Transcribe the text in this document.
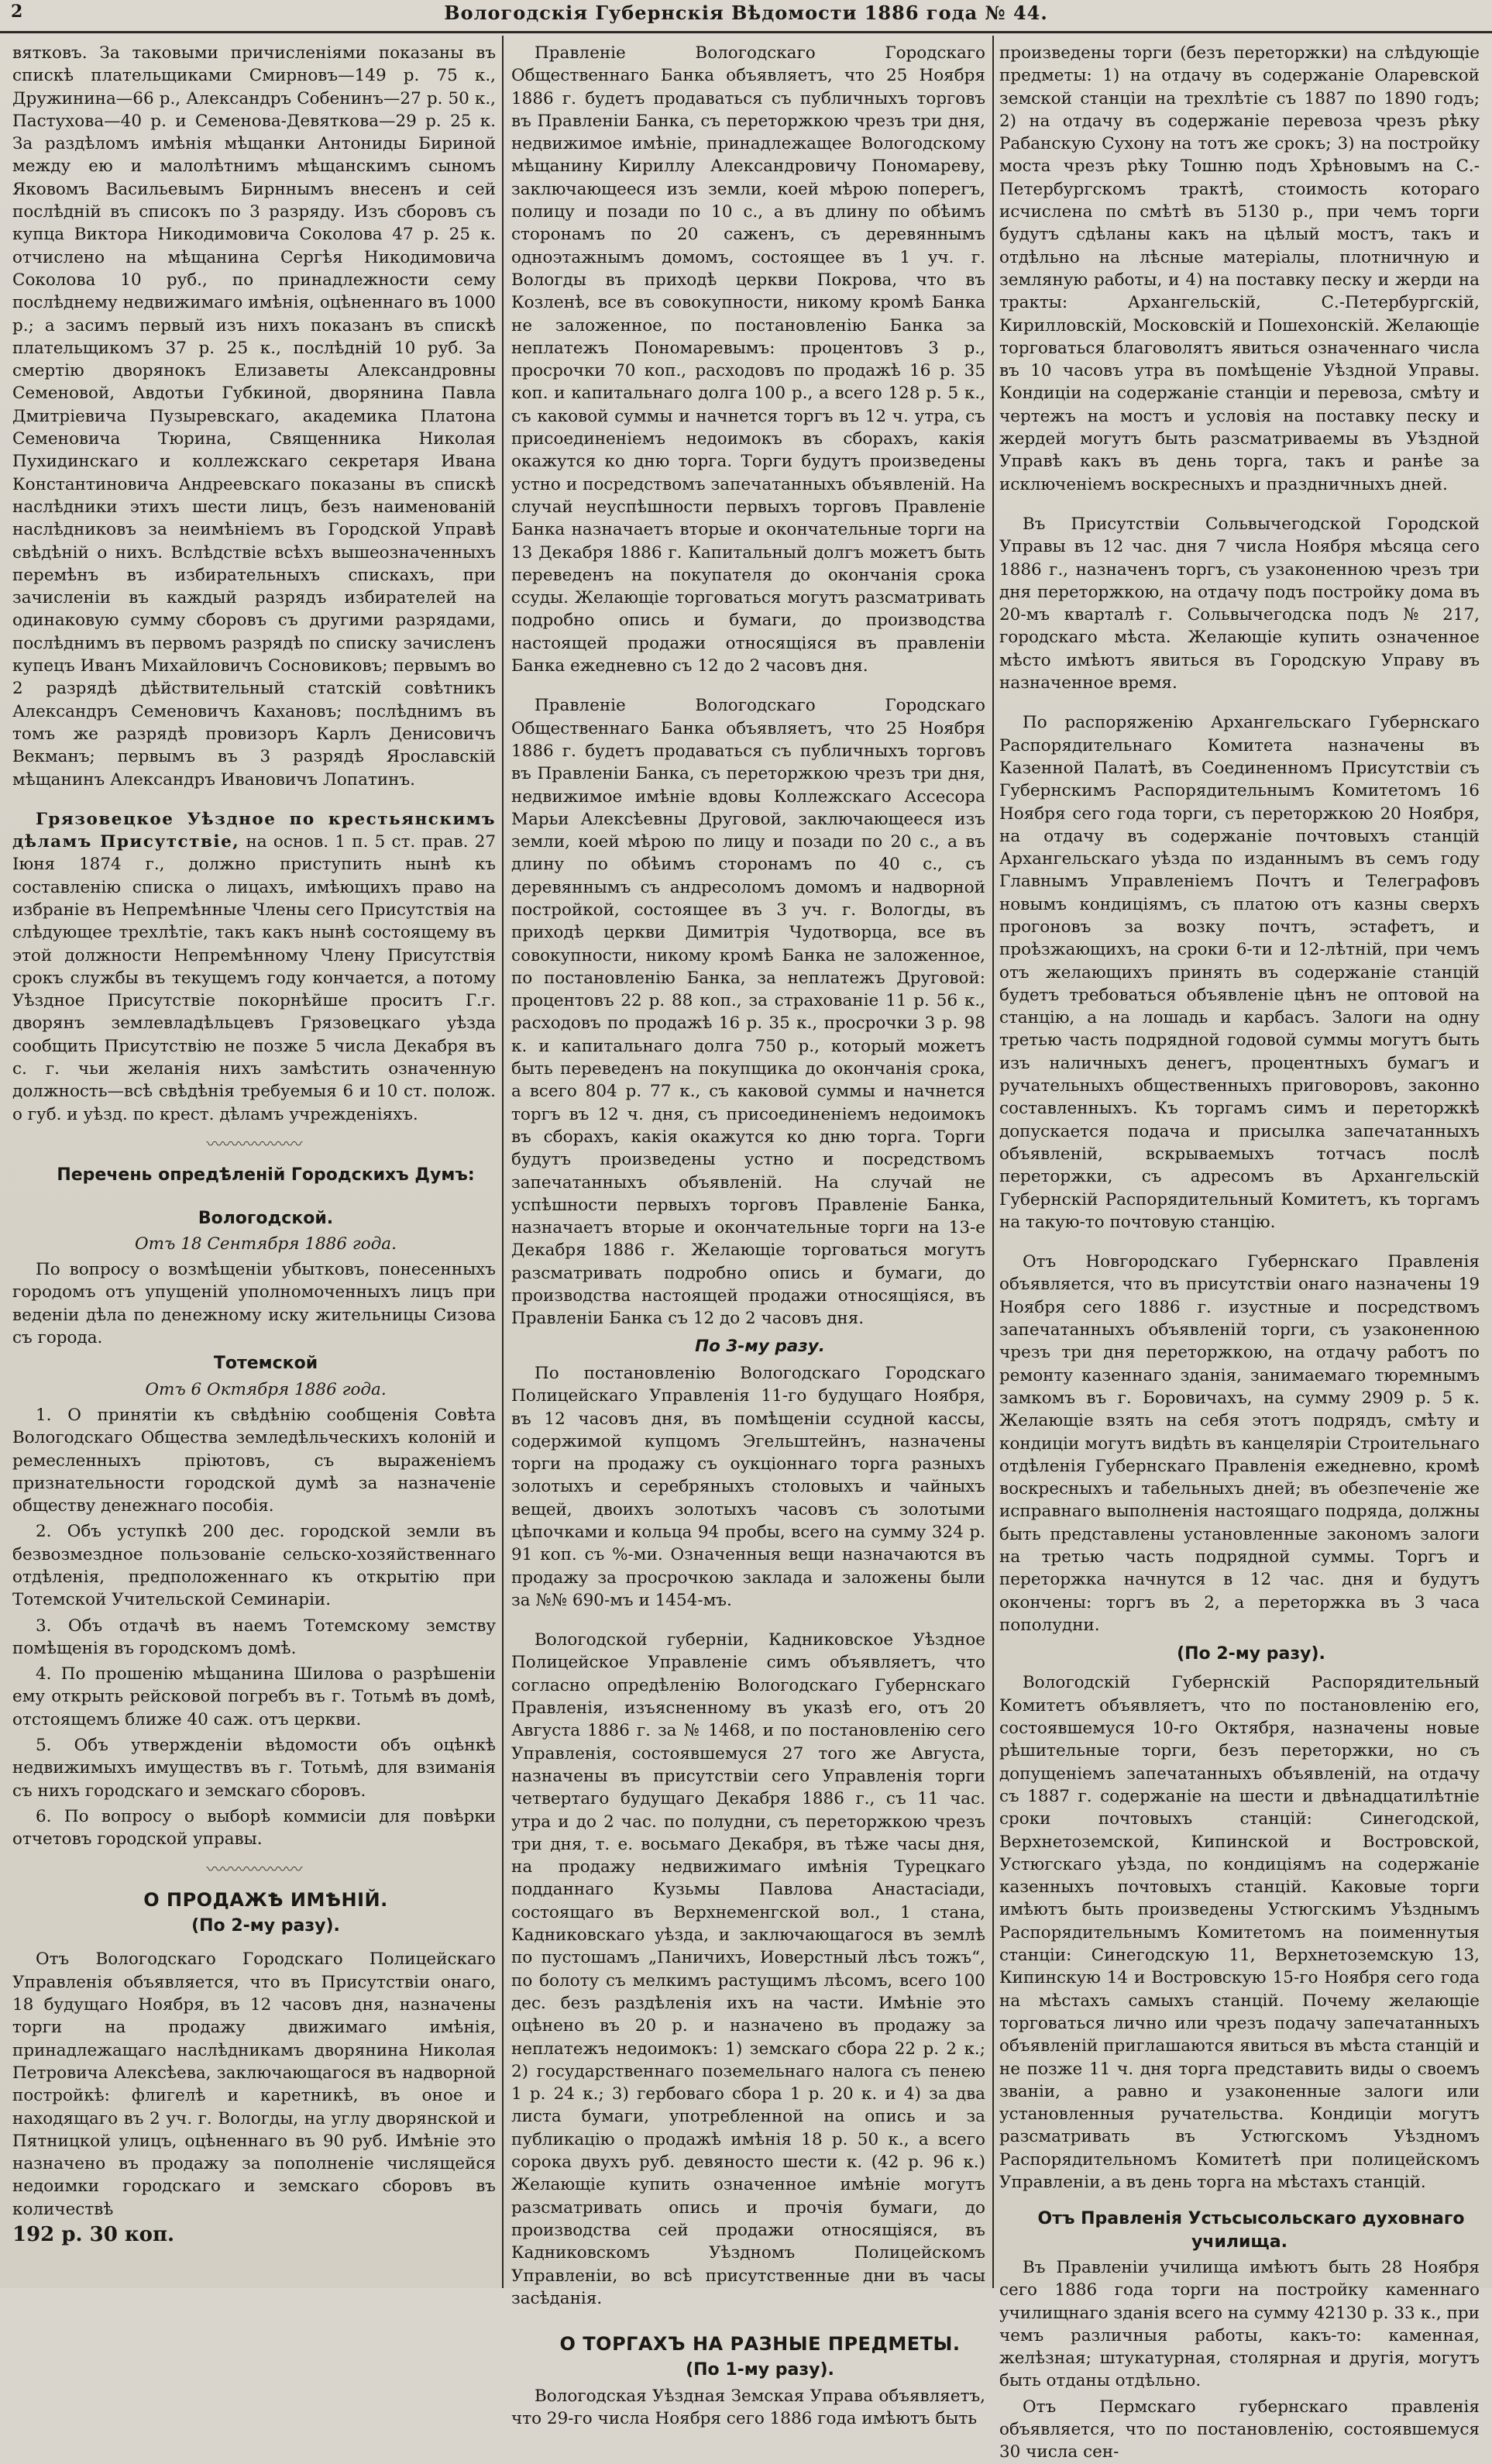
2	Вологодскія Губернскія Вѣдомости 1886 года № 44.

вятковъ. За таковыми причисленіями показаны въ спискѣ плательщиками Смирновъ—149 р. 75 к., Дружинина—66 р., Александръ Собенинъ—27 р. 50 к., Пастухова—40 р. и Семенова-Девяткова—29 р. 25 к. За раздѣломъ имѣнія мѣщанки Антониды Бириной между ею и малолѣтнимъ мѣщанскимъ сыномъ Яковомъ Васильевымъ Бирннымъ внесенъ и сей послѣдній въ списокъ по 3 разряду. Изъ сборовъ съ купца Виктора Никодимовича Соколова 47 р. 25 к. отчислено на мѣщанина Сергѣя Никодимовича Соколова 10 руб., по принадлежности сему послѣднему недвижимаго имѣнія, оцѣненнаго въ 1000 р.; а засимъ первый изъ нихъ показанъ въ спискѣ плательщикомъ 37 р. 25 к., послѣдній 10 руб. За смертію дворянокъ Елизаветы Александровны Семеновой, Авдотьи Губкиной, дворянина Павла Дмитріевича Пузыревскаго, академика Платона Семеновича Тюрина, Священника Николая Пухидинскаго и коллежскаго секретаря Ивана Константиновича Андреевскаго показаны въ спискѣ наслѣдники этихъ шести лицъ, безъ наименованій наслѣдниковъ за неимѣніемъ въ Городской Управѣ свѣдѣній о нихъ. Вслѣдствіе всѣхъ вышеозначенныхъ перемѣнъ въ избирательныхъ спискахъ, при зачисленіи въ каждый разрядъ избирателей на одинаковую сумму сборовъ съ другими разрядами, послѣднимъ въ первомъ разрядѣ по списку зачисленъ купецъ Иванъ Михайловичъ Сосновиковъ; первымъ во 2 разрядѣ дѣйствительный статскій совѣтникъ Александръ Семеновичъ Кахановъ; послѣднимъ въ томъ же разрядѣ провизоръ Карлъ Денисовичъ Векманъ; первымъ въ 3 разрядѣ Ярославскій мѣщанинъ Александръ Ивановичъ Лопатинъ.

Грязовецкое Уѣздное по крестьянскимъ дѣламъ Присутствіе, на основ. 1 п. 5 ст. прав. 27 Іюня 1874 г., должно приступить нынѣ къ составленію списка о лицахъ, имѣющихъ право на избраніе въ Непремѣнные Члены сего Присутствія на слѣдующее трехлѣтіе, такъ какъ нынѣ состоящему въ этой должности Непремѣнному Члену Присутствія срокъ службы въ текущемъ году кончается, а потому Уѣздное Присутствіе покорнѣйше проситъ Г.г. дворянъ землевладѣльцевъ Грязовецкаго уѣзда сообщить Присутствію не позже 5 числа Декабря въ с. г. чьи желанія нихъ замѣстить означенную должность—всѣ свѣдѣнія требуемыя 6 и 10 ст. полож. о губ. и уѣзд. по крест. дѣламъ учрежденіяхъ.

〰〰〰〰〰〰

Перечень опредѣленій Городскихъ Думъ:

Вологодской.

Отъ 18 Сентября 1886 года.

По вопросу о возмѣщеніи убытковъ, понесенныхъ городомъ отъ упущеній уполномоченныхъ лицъ при веденіи дѣла по денежному иску жительницы Сизова съ города.

Тотемской

Отъ 6 Октября 1886 года.

1. О принятіи къ свѣдѣнію сообщенія Совѣта Вологодскаго Общества земледѣльческихъ колоній и ремесленныхъ пріютовъ, съ выраженіемъ признательности городской думѣ за назначеніе обществу денежнаго пособія.

2. Объ уступкѣ 200 дес. городской земли въ безвозмездное пользованіе сельско-хозяйственнаго отдѣленія, предположеннаго къ открытію при Тотемской Учительской Семинаріи.

3. Объ отдачѣ въ наемъ Тотемскому земству помѣщенія въ городскомъ домѣ.

4. По прошенію мѣщанина Шилова о разрѣшеніи ему открыть рейсковой погребъ въ г. Тотьмѣ въ домѣ, отстоящемъ ближе 40 саж. отъ церкви.

5. Объ утвержденіи вѣдомости объ оцѣнкѣ недвижимыхъ имуществъ въ г. Тотьмѣ, для взиманія съ нихъ городскаго и земскаго сборовъ.

6. По вопросу о выборѣ коммисіи для повѣрки отчетовъ городской управы.

〰〰〰〰〰〰

О ПРОДАЖѢ ИМѢНІЙ.

(По 2-му разу).

Отъ Вологодскаго Городскаго Полицейскаго Управленія объявляется, что въ Присутствіи онаго, 18 будущаго Ноября, въ 12 часовъ дня, назначены торги на продажу движимаго имѣнія, принадлежащаго наслѣдникамъ дворянина Николая Петровича Алексѣева, заключающагося въ надворной постройкѣ: флигелѣ и каретникѣ, въ оное и находящаго въ 2 уч. г. Вологды, на углу дворянской и Пятницкой улицъ, оцѣненнаго въ 90 руб. Имѣніе это назначено въ продажу за пополненіе числящейся недоимки городскаго и земскаго сборовъ въ количествѣ

192 р. 30 коп.

Правленіе Вологодскаго Городскаго Общественнаго Банка объявляетъ, что 25 Ноября 1886 г. будетъ продаваться съ публичныхъ торговъ въ Правленіи Банка, съ переторжкою чрезъ три дня, недвижимое имѣніе, принадлежащее Вологодскому мѣщанину Кириллу Александровичу Пономареву, заключающееся изъ земли, коей мѣрою поперегъ, полицу и позади по 10 с., а въ длину по обѣимъ сторонамъ по 20 саженъ, съ деревяннымъ одноэтажнымъ домомъ, состоящее въ 1 уч. г. Вологды въ приходѣ церкви Покрова, что въ Козленѣ, все въ совокупности, никому кромѣ Банка не заложенное, по постановленію Банка за неплатежъ Пономаревымъ: процентовъ 3 р., просрочки 70 коп., расходовъ по продажѣ 16 р. 35 коп. и капитальнаго долга 100 р., а всего 128 р. 5 к., съ каковой суммы и начнется торгъ въ 12 ч. утра, съ присоединеніемъ недоимокъ въ сборахъ, какія окажутся ко дню торга. Торги будутъ произведены устно и посредствомъ запечатанныхъ объявленій. На случай неуспѣшности первыхъ торговъ Правленіе Банка назначаетъ вторые и окончательные торги на 13 Декабря 1886 г. Капитальный долгъ можетъ быть переведенъ на покупателя до окончанія срока ссуды. Желающіе торговаться могутъ разсматривать подробно опись и бумаги, до производства настоящей продажи относящіяся въ правленіи Банка ежедневно съ 12 до 2 часовъ дня.

Правленіе Вологодскаго Городскаго Общественнаго Банка объявляетъ, что 25 Ноября 1886 г. будетъ продаваться съ публичныхъ торговъ въ Правленіи Банка, съ переторжкою чрезъ три дня, недвижимое имѣніе вдовы Коллежскаго Ассесора Марьи Алексѣевны Друговой, заключающееся изъ земли, коей мѣрою по лицу и позади по 20 с., а въ длину по обѣимъ сторонамъ по 40 с., съ деревяннымъ съ андресоломъ домомъ и надворной постройкой, состоящее въ 3 уч. г. Вологды, въ приходѣ церкви Димитрія Чудотворца, все въ совокупности, никому кромѣ Банка не заложенное, по постановленію Банка, за неплатежъ Друговой: процентовъ 22 р. 88 коп., за страхованіе 11 р. 56 к., расходовъ по продажѣ 16 р. 35 к., просрочки 3 р. 98 к. и капитальнаго долга 750 р., который можетъ быть переведенъ на покупщика до окончанія срока, а всего 804 р. 77 к., съ каковой суммы и начнется торгъ въ 12 ч. дня, съ присоединеніемъ недоимокъ въ сборахъ, какія окажутся ко дню торга. Торги будутъ произведены устно и посредствомъ запечатанныхъ объявленій. На случай не успѣшности первыхъ торговъ Правленіе Банка, назначаетъ вторые и окончательные торги на 13-е Декабря 1886 г. Желающіе торговаться могутъ разсматривать подробно опись и бумаги, до производства настоящей продажи относящіяся, въ Правленіи Банка съ 12 до 2 часовъ дня.

По 3-му разу.

По постановленію Вологодскаго Городскаго Полицейскаго Управленія 11-го будущаго Ноября, въ 12 часовъ дня, въ помѣщеніи ссудной кассы, содержимой купцомъ Эгельштейнъ, назначены торги на продажу съ оукціоннаго торга разныхъ золотыхъ и серебряныхъ столовыхъ и чайныхъ вещей, двоихъ золотыхъ часовъ съ золотыми цѣпочками и кольца 94 пробы, всего на сумму 324 р. 91 коп. съ %-ми. Означенныя вещи назначаются въ продажу за просрочкою заклада и заложены были за №№ 690-мъ и 1454-мъ.

Вологодской губерніи, Кадниковское Уѣздное Полицейское Управленіе симъ объявляетъ, что согласно опредѣленію Вологодскаго Губернскаго Правленія, изъясненному въ указѣ его, отъ 20 Августа 1886 г. за № 1468, и по постановленію сего Управленія, состоявшемуся 27 того же Августа, назначены въ присутствіи сего Управленія торги четвертаго будущаго Декабря 1886 г., съ 11 час. утра и до 2 час. по полудни, съ переторжкою чрезъ три дня, т. е. восьмаго Декабря, въ тѣже часы дня, на продажу недвижимаго имѣнія Турецкаго подданнаго Кузьмы Павлова Анастасіади, состоящаго въ Верхнеменгской вол., 1 стана, Кадниковскаго уѣзда, и заключающагося въ землѣ по пустошамъ „Паничихъ, Иоверстный лѣсъ тожъ“, по болоту съ мелкимъ растущимъ лѣсомъ, всего 100 дес. безъ раздѣленія ихъ на части. Имѣніе это оцѣнено въ 20 р. и назначено въ продажу за неплатежъ недоимокъ: 1) земскаго сбора 22 р. 2 к.; 2) государственнаго поземельнаго налога съ пенею 1 р. 24 к.; 3) гербоваго сбора 1 р. 20 к. и 4) за два листа бумаги, употребленной на опись и за публикацію о продажѣ имѣнія 18 р. 50 к., а всего сорока двухъ руб. девяносто шести к. (42 р. 96 к.) Желающіе купить означенное имѣніе могутъ разсматривать опись и прочія бумаги, до производства сей продажи относящіяся, въ Кадниковскомъ Уѣздномъ Полицейскомъ Управленіи, во всѣ присутственные дни въ часы засѣданія.

О ТОРГАХЪ НА РАЗНЫЕ ПРЕДМЕТЫ.

(По 1-му разу).

Вологодская Уѣздная Земская Управа объявляетъ, что 29-го числа Ноября сего 1886 года имѣютъ быть

произведены торги (безъ переторжки) на слѣдующіе предметы: 1) на отдачу въ содержаніе Оларевской земской станціи на трехлѣтіе съ 1887 по 1890 годъ; 2) на отдачу въ содержаніе перевоза чрезъ рѣку Рабанскую Сухону на тотъ же срокъ; 3) на постройку моста чрезъ рѣку Тошню подъ Хрѣновымъ на С.-Петербургскомъ трактѣ, стоимость котораго исчислена по смѣтѣ въ 5130 р., при чемъ торги будутъ сдѣланы какъ на цѣлый мостъ, такъ и отдѣльно на лѣсные матеріалы, плотничную и земляную работы, и 4) на поставку песку и жерди на тракты: Архангельскій, С.-Петербургскій, Кирилловскій, Московскій и Пошехонскій. Желающіе торговаться благоволятъ явиться означеннаго числа въ 10 часовъ утра въ помѣщеніе Уѣздной Управы. Кондиціи на содержаніе станціи и перевоза, смѣту и чертежъ на мостъ и условія на поставку песку и жердей могутъ быть разсматриваемы въ Уѣздной Управѣ какъ въ день торга, такъ и ранѣе за исключеніемъ воскресныхъ и праздничныхъ дней.

Въ Присутствіи Сольвычегодской Городской Управы въ 12 час. дня 7 числа Ноября мѣсяца сего 1886 г., назначенъ торгъ, съ узаконенною чрезъ три дня переторжкою, на отдачу подъ постройку дома въ 20-мъ кварталѣ г. Сольвычегодска подъ № 217, городскаго мѣста. Желающіе купить означенное мѣсто имѣютъ явиться въ Городскую Управу въ назначенное время.

По распоряженію Архангельскаго Губернскаго Распорядительнаго Комитета назначены въ Казенной Палатѣ, въ Соединенномъ Присутствіи съ Губернскимъ Распорядительнымъ Комитетомъ 16 Ноября сего года торги, съ переторжкою 20 Ноября, на отдачу въ содержаніе почтовыхъ станцій Архангельскаго уѣзда по изданнымъ въ семъ году Главнымъ Управленіемъ Почтъ и Телеграфовъ новымъ кондиціямъ, съ платою отъ казны сверхъ прогоновъ за возку почтъ, эстафетъ, и проѣзжающихъ, на сроки 6-ти и 12-лѣтній, при чемъ отъ желающихъ принять въ содержаніе станцій будетъ требоваться объявленіе цѣнъ не оптовой на станцію, а на лошадь и карбасъ. Залоги на одну третью часть подрядной годовой суммы могутъ быть изъ наличныхъ денегъ, процентныхъ бумагъ и ручательныхъ общественныхъ приговоровъ, законно составленныхъ. Къ торгамъ симъ и переторжкѣ допускается подача и присылка запечатанныхъ объявленій, вскрываемыхъ тотчасъ послѣ переторжки, съ адресомъ въ Архангельскій Губернскій Распорядительный Комитетъ, къ торгамъ на такую-то почтовую станцію.

Отъ Новгородскаго Губернскаго Правленія объявляется, что въ присутствіи онаго назначены 19 Ноября сего 1886 г. изустные и посредствомъ запечатанныхъ объявленій торги, съ узаконенною чрезъ три дня переторжкою, на отдачу работъ по ремонту казеннаго зданія, занимаемаго тюремнымъ замкомъ въ г. Боровичахъ, на сумму 2909 р. 5 к. Желающіе взять на себя этотъ подрядъ, смѣту и кондиціи могутъ видѣть въ канцеляріи Строительнаго отдѣленія Губернскаго Правленія ежедневно, кромѣ воскресныхъ и табельныхъ дней; въ обезпеченіе же исправнаго выполненія настоящаго подряда, должны быть представлены установленные закономъ залоги на третью часть подрядной суммы. Торгъ и переторжка начнутся в 12 час. дня и будутъ окончены: торгъ въ 2, а переторжка въ 3 часа пополудни.

(По 2-му разу).

Вологодскій Губернскій Распорядительный Комитетъ объявляетъ, что по постановленію его, состоявшемуся 10-го Октября, назначены новые рѣшительные торги, безъ переторжки, но съ допущеніемъ запечатанныхъ объявленій, на отдачу съ 1887 г. содержаніе на шести и двѣнадцатилѣтніе сроки почтовыхъ станцій: Синегодской, Верхнетоземской, Кипинской и Востровской, Устюгскаго уѣзда, по кондиціямъ на содержаніе казенныхъ почтовыхъ станцій. Каковые торги имѣютъ быть произведены Устюгскимъ Уѣзднымъ Распорядительнымъ Комитетомъ на поименнутыя станціи: Синегодскую 11, Верхнетоземскую 13, Кипинскую 14 и Востровскую 15-го Ноября сего года на мѣстахъ самыхъ станцій. Почему желающіе торговаться лично или чрезъ подачу запечатанныхъ объявленій приглашаются явиться въ мѣста станцій и не позже 11 ч. дня торга представить виды о своемъ званіи, а равно и узаконенные залоги или установленныя ручательства. Кондиціи могутъ разсматривать въ Устюгскомъ Уѣздномъ Распорядительномъ Комитетѣ при полицейскомъ Управленіи, а въ день торга на мѣстахъ станцій.

Отъ Правленія Устьсысольскаго духовнаго училища.

Въ Правленіи училища имѣютъ быть 28 Ноября сего 1886 года торги на постройку каменнаго училищнаго зданія всего на сумму 42130 р. 33 к., при чемъ различныя работы, какъ-то: каменная, желѣзная; штукатурная, столярная и другія, могутъ быть отданы отдѣльно.

Отъ Пермскаго губернскаго правленія объявляется, что по постановленію, состоявшемуся 30 числа сен-
